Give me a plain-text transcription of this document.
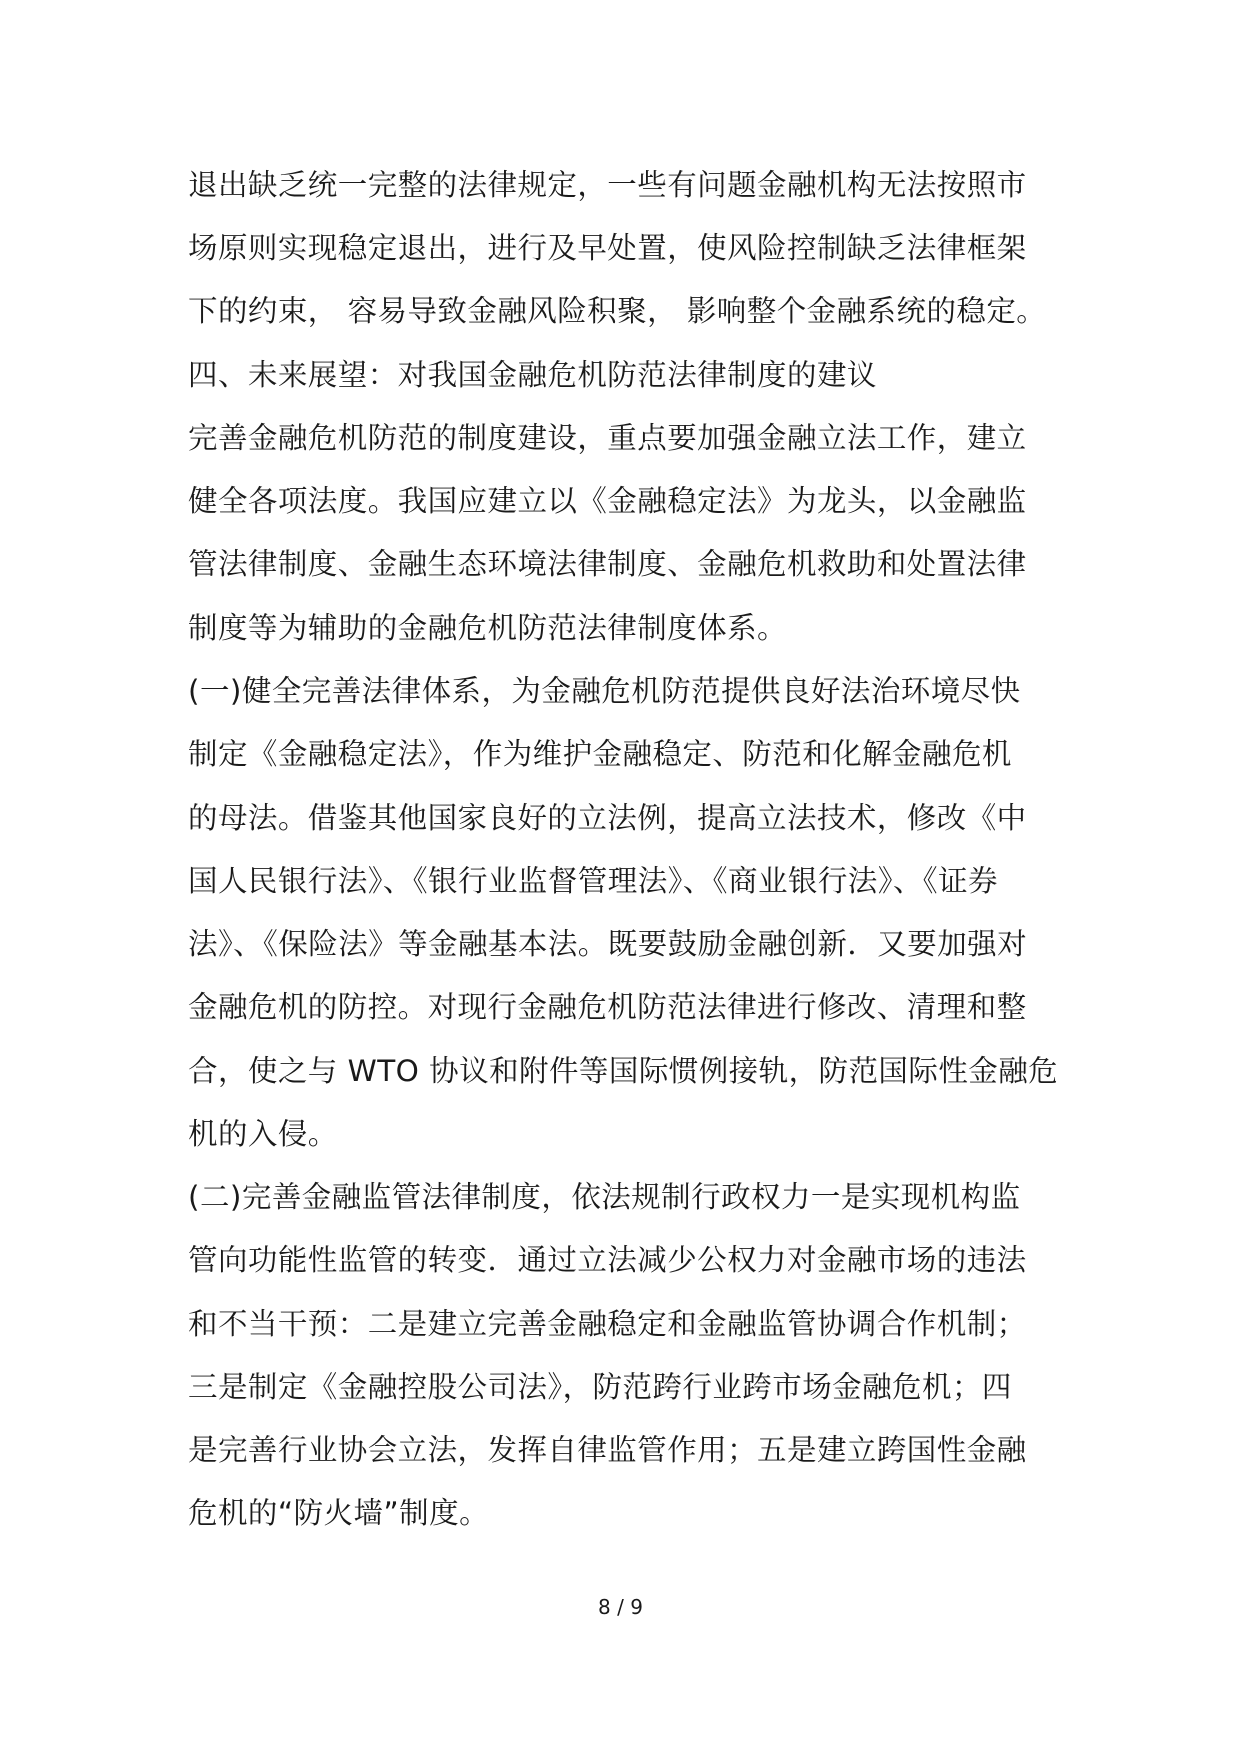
退出缺乏统一完整的法律规定，一些有问题金融机构无法按照市
场原则实现稳定退出，进行及早处置，使风险控制缺乏法律框架
下的约束， 容易导致金融风险积聚， 影响整个金融系统的稳定。
四、未来展望：对我国金融危机防范法律制度的建议
完善金融危机防范的制度建设，重点要加强金融立法工作，建立
健全各项法度。我国应建立以《金融稳定法》为龙头，以金融监
管法律制度、金融生态环境法律制度、金融危机救助和处置法律
制度等为辅助的金融危机防范法律制度体系。
(一)健全完善法律体系，为金融危机防范提供良好法治环境尽快
制定《金融稳定法》，作为维护金融稳定、防范和化解金融危机
的母法。借鉴其他国家良好的立法例，提高立法技术，修改《中
国人民银行法》、《银行业监督管理法》、《商业银行法》、《证券
法》、《保险法》等金融基本法。既要鼓励金融创新．又要加强对
金融危机的防控。对现行金融危机防范法律进行修改、清理和整
合，使之与 WTO 协议和附件等国际惯例接轨，防范国际性金融危
机的入侵。
(二)完善金融监管法律制度，依法规制行政权力一是实现机构监
管向功能性监管的转变．通过立法减少公权力对金融市场的违法
和不当干预：二是建立完善金融稳定和金融监管协调合作机制；
三是制定《金融控股公司法》，防范跨行业跨市场金融危机；四
是完善行业协会立法，发挥自律监管作用；五是建立跨国性金融
危机的“防火墙”制度。
8 / 9
